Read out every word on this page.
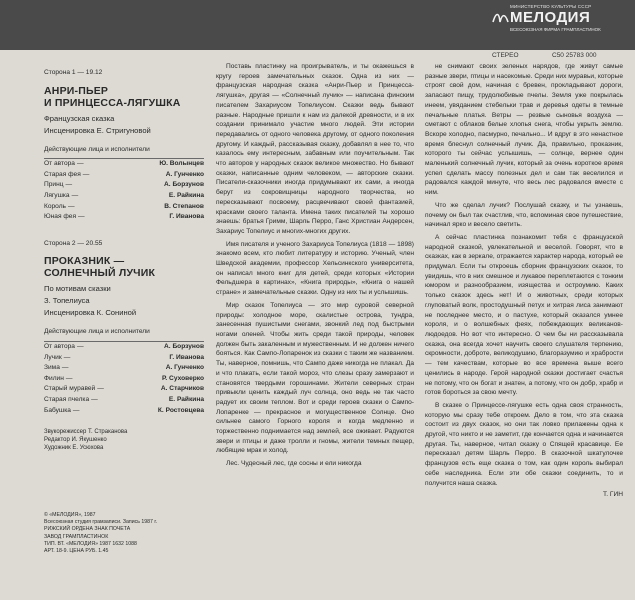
МИНИСТЕРСТВО КУЛЬТУРЫ СССР
МЕЛОДИЯ
ВСЕСОЮЗНАЯ ФИРМА ГРАМПЛАСТИНОК
СТЕРЕО	С50 25783 000
Сторона 1 — 19.12
АНРИ-ПЬЕР
И ПРИНЦЕССА-ЛЯГУШКА
Французская сказка
Инсценировка Е. Стригуновой
Действующие лица и исполнители
От автора —	Ю. Волынцев
Старая фея —	А. Гунченко
Принц —	А. Борзунов
Лягушка —	Е. Райкина
Король —	В. Степанов
Юная фея —	Г. Иванова
Сторона 2 — 20.55
ПРОКАЗНИК —
СОЛНЕЧНЫЙ ЛУЧИК
По мотивам сказки
З. Топелиуса
Инсценировка К. Сониной
Действующие лица и исполнители
От автора —	А. Борзунов
Лучик —	Г. Иванова
Зима —	А. Гунченко
Филин —	Р. Суховерко
Старый муравей —	А. Старчиков
Старая пчелка —	Е. Райкина
Бабушка —	К. Ростовцева
Звукорежиссер Т. Страканова
Редактор И. Якушенко
Художник Е. Усюхова
© «МЕЛОДИЯ», 1987
Всесоюзная студия грамзаписи. Запись 1987 г.
РИЖСКИЙ ОРДЕНА ЗНАК ПОЧЕТА
ЗАВОД ГРАМПЛАСТИНОК
ТИП. ВТ. «МЕЛОДИЯ» 1987 1632 1088
АРТ. 18-9. ЦЕНА РУБ. 1.45

Поставь пластинку на проигрыватель, и ты окажешься в кругу героев замечательных сказок. Одна из них — французская народная сказка «Анри-Пьер и Принцесса-лягушка», другая — «Солнечный лучик» — написана финским писателем Захариусом Топелиусом. Сказки ведь бывают разные. Народные пришли к нам из далекой древности, и в их создании принимало участие много людей. Эти истории передавались от одного человека другому, от одного поколения другому. И каждый, рассказывая сказку, добавлял в нее то, что казалось ему интересным, забавным или поучительным. Так что авторов у народных сказок великое множество. Но бывают сказки, написанные одним человеком, — авторские сказки. Писатели-сказочники иногда придумывают их сами, а иногда берут из сокровищницы народного творчества, но пересказывают посвоему, расцвечивают своей фантазией, красками своего таланта. Имена таких писателей ты хорошо знаешь: братья Гримм, Шарль Перро, Ганс Христиан Андерсен, Захариус Топелиус и многих-многих других.

Имя писателя и ученого Захариуса Топелиуса (1818 — 1898) знакомо всем, кто любит литературу и историю. Ученый, член Шведской академии, профессор Хельсинкского университета, он написал много книг для детей, среди которых «Истории Фельдшера в картинах», «Книга природы», «Книга о нашей стране» и замечательные сказки. Одну из них ты и услышишь.

Мир сказок Топелиуса — это мир суровой северной природы: холодное море, скалистые острова, тундра, занесенная пушистыми снегами, звонкий лед под быстрыми ногами оленей. Чтобы жить среди такой природы, человек должен быть закаленным и мужественным. И не должен ничего бояться. Как Сампо-Лопаренок из сказки с таким же названием. Ты, наверное, помнишь, что Сампо даже никогда не плакал. Да и что плакать, если такой мороз, что слезы сразу замерзают и становятся твердыми горошинами. Жители северных стран привыкли ценить каждый луч солнца, оно ведь не так часто радует их своим теплом. Вот и среди героев сказки о Сампо-Лопаренке — прекрасное и могущественное Солнце. Оно сильнее самого Горного короля и когда медленно и торжественно поднимается над землей, все оживает. Радуются звери и птицы и даже тролли и гномы, жители темных пещер, любящие мрак и холод.

Лес. Чудесный лес, где сосны и ели никогда

не снимают своих зеленых нарядов, где живут самые разные звери, птицы и насекомые. Среди них муравьи, которые строят свой дом, начиная с бревен, прокладывают дороги, запасают пищу, трудолюбивые пчелы. Земля уже покрылась инеем, увяданием стебельки трав и деревья одеты в темные печальные платья. Ветры — резвые сыновья воздуха — сметают с облаков белые хлопья снега, чтобы укрыть землю. Вскоре холодно, пасмурно, печально... И вдруг в это ненастное время блеснул солнечный лучик. Да, правильно, проказник, которого ты сейчас услышишь, — солнце, вернее один маленький солнечный лучик, который за очень короткое время успел сделать массу полезных дел и сам так веселился и радовался каждой минуте, что весь лес радовался вместе с ним.

Что же сделал лучик? Послушай сказку, и ты узнаешь, почему он был так счастлив, что, вспоминая свое путешествие, начинал ярко и весело светить.

А сейчас пластинка познакомит тебя с французской народной сказкой, увлекательной и веселой. Говорят, что в сказках, как в зеркале, отражается характер народа, который ее придумал. Если ты откроешь сборник французских сказок, то увидишь, что в них смешное и лукавое переплетаются с тонким юмором и разнообразием, изящества и остроумию. Каких только сказок здесь нет! И о животных, среди которых глуповатый волк, простодушный петух и хитрая лиса занимают не последнее место, и о пастухе, который оказался умнее короля, и о волшебных феях, побеждающих великанов-людоедов. Но вот что интересно. О чем бы ни рассказывала сказка, она всегда хочет научить своего слушателя терпению, скромности, доброте, великодушию, благоразумию и храбрости — тем качествам, которые во все времена выше всего ценились в народе. Герой народной сказки достигает счастья не потому, что он богат и знатен, а потому, что он добр, храбр и готов бороться за свою мечту.

В сказке о Принцессе-лягушке есть одна своя странность, которую мы сразу тебе откроем. Дело в том, что эта сказка состоит из двух сказок, но они так ловко прилажены одна к другой, что никто и не заметит, где кончается одна и начинается другая. Ты, наверное, читал сказку о Спящей красавице. Ее пересказал детям Шарль Перро. В сказочной шкатулочке французов есть еще сказка о том, как один король выбирал себе наследника. Если эти обе сказки соединить, то и получится наша сказка.

Т. ГИН
